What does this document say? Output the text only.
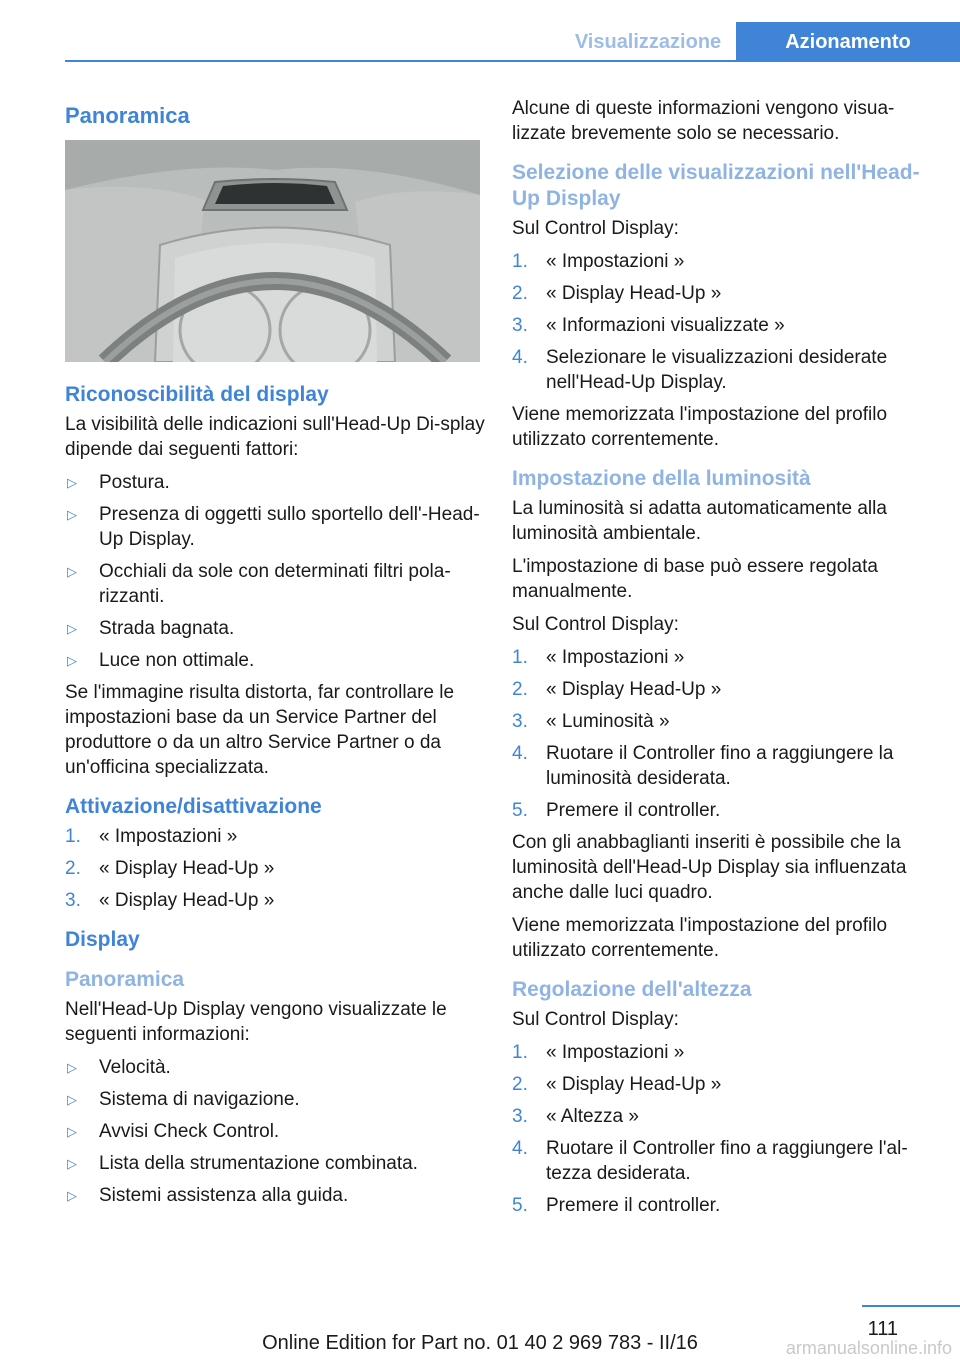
Visualizzazione	Azionamento
Panoramica
Riconoscibilità del display

La visibilità delle indicazioni sull'Head-Up Di-splay dipende dai seguenti fattori:

▷ Postura.
▷ Presenza di oggetti sullo sportello dell'-Head-Up Display.
▷ Occhiali da sole con determinati filtri pola-rizzanti.
▷ Strada bagnata.
▷ Luce non ottimale.

Se l'immagine risulta distorta, far controllare le impostazioni base da un Service Partner del produttore o da un altro Service Partner o da un'officina specializzata.

Attivazione/disattivazione
1. « Impostazioni »
2. « Display Head-Up »
3. « Display Head-Up »
Display
Panoramica

Nell'Head-Up Display vengono visualizzate le seguenti informazioni:

▷ Velocità.
▷ Sistema di navigazione.
▷ Avvisi Check Control.
▷ Lista della strumentazione combinata.
▷ Sistemi assistenza alla guida.

Alcune di queste informazioni vengono visua-lizzate brevemente solo se necessario.

Selezione delle visualizzazioni nell'Head-Up Display

Sul Control Display:

1. « Impostazioni »
2. « Display Head-Up »
3. « Informazioni visualizzate »
4. Selezionare le visualizzazioni desiderate nell'Head-Up Display.

Viene memorizzata l'impostazione del profilo utilizzato correntemente.

Impostazione della luminosità

La luminosità si adatta automaticamente alla luminosità ambientale.

L'impostazione di base può essere regolata manualmente.

Sul Control Display:

1. « Impostazioni »
2. « Display Head-Up »
3. « Luminosità »
4. Ruotare il Controller fino a raggiungere la luminosità desiderata.
5. Premere il controller.

Con gli anabbaglianti inseriti è possibile che la luminosità dell'Head-Up Display sia influenzata anche dalle luci quadro.

Viene memorizzata l'impostazione del profilo utilizzato correntemente.

Regolazione dell'altezza

Sul Control Display:

1. « Impostazioni »
2. « Display Head-Up »
3. « Altezza »
4. Ruotare il Controller fino a raggiungere l'al-tezza desiderata.
5. Premere il controller.
111
Online Edition for Part no. 01 40 2 969 783 - II/16	armanualsonline.info
